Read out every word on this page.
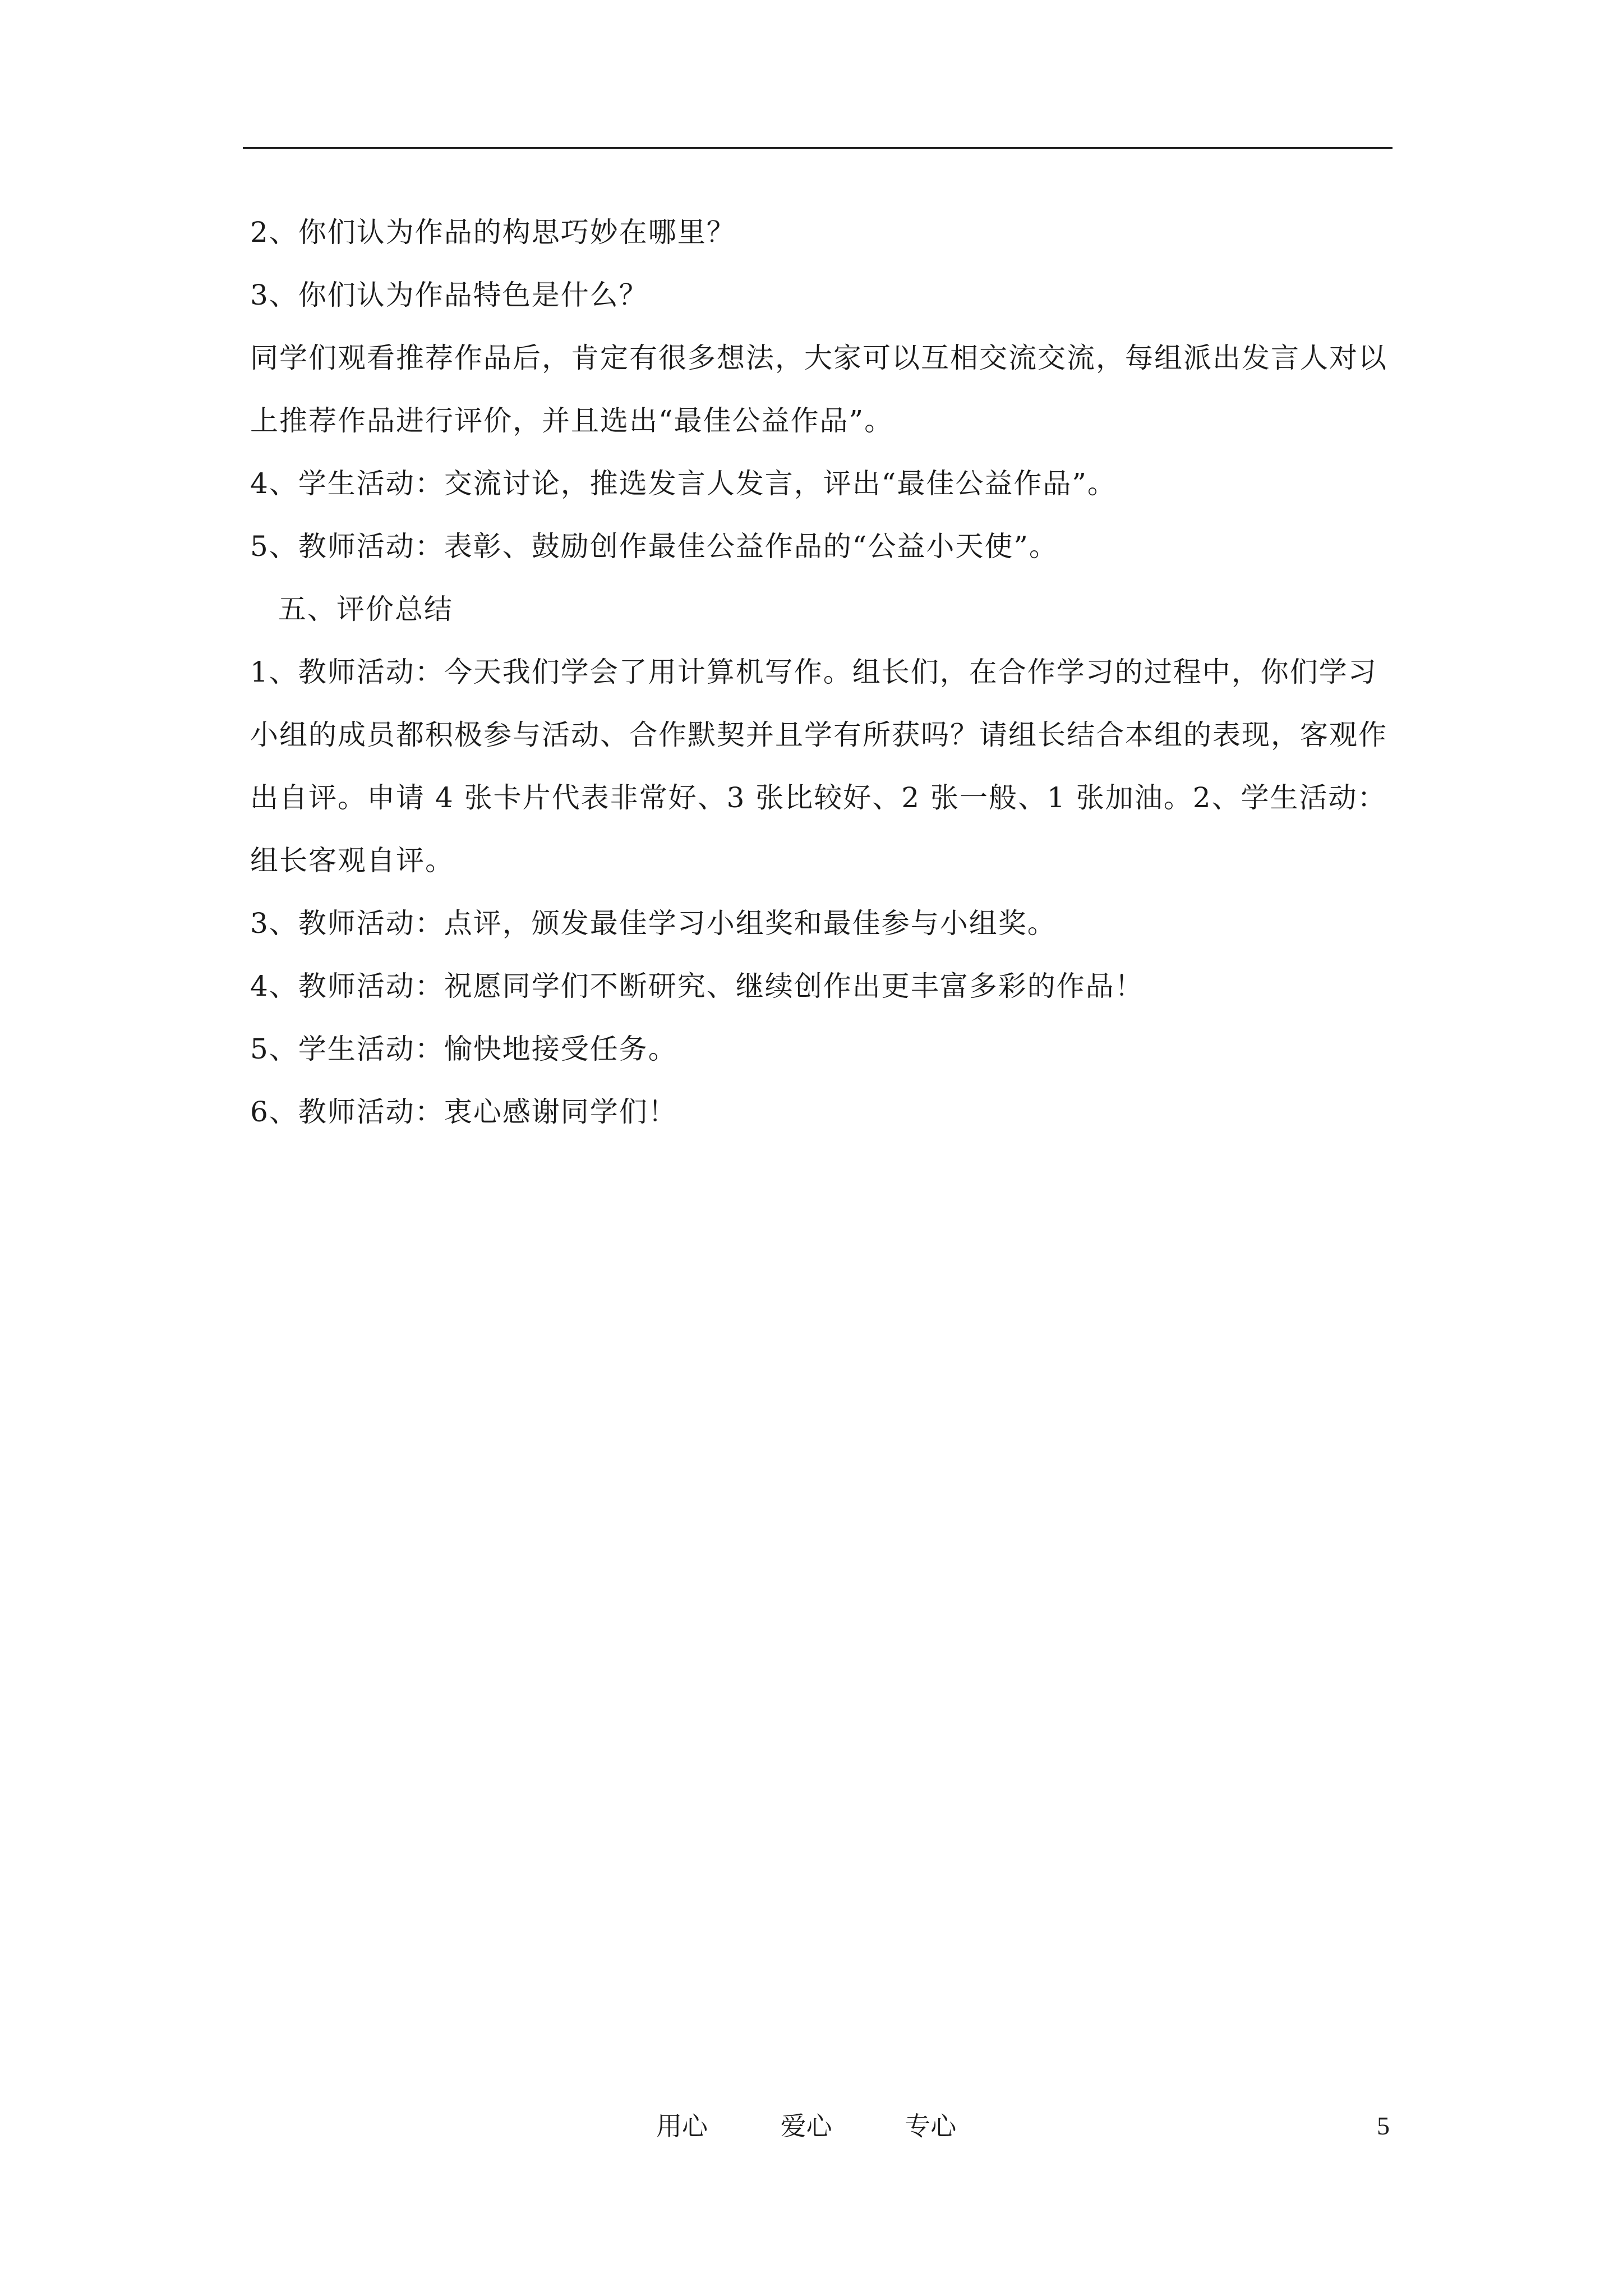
2、你们认为作品的构思巧妙在哪里？

3、你们认为作品特色是什么？

同学们观看推荐作品后，肯定有很多想法，大家可以互相交流交流，每组派出发言人对以上推荐作品进行评价，并且选出“最佳公益作品”。

4、学生活动：交流讨论，推选发言人发言，评出“最佳公益作品”。

5、教师活动：表彰、鼓励创作最佳公益作品的“公益小天使”。

五、评价总结

1、教师活动：今天我们学会了用计算机写作。组长们，在合作学习的过程中，你们学习小组的成员都积极参与活动、合作默契并且学有所获吗？请组长结合本组的表现，客观作出自评。申请 4 张卡片代表非常好、3 张比较好、2 张一般、1 张加油。2、学生活动：组长客观自评。

3、教师活动：点评，颁发最佳学习小组奖和最佳参与小组奖。

4、教师活动：祝愿同学们不断研究、继续创作出更丰富多彩的作品！

5、学生活动：愉快地接受任务。

6、教师活动：衷心感谢同学们！

用心	爱心	专心	5
